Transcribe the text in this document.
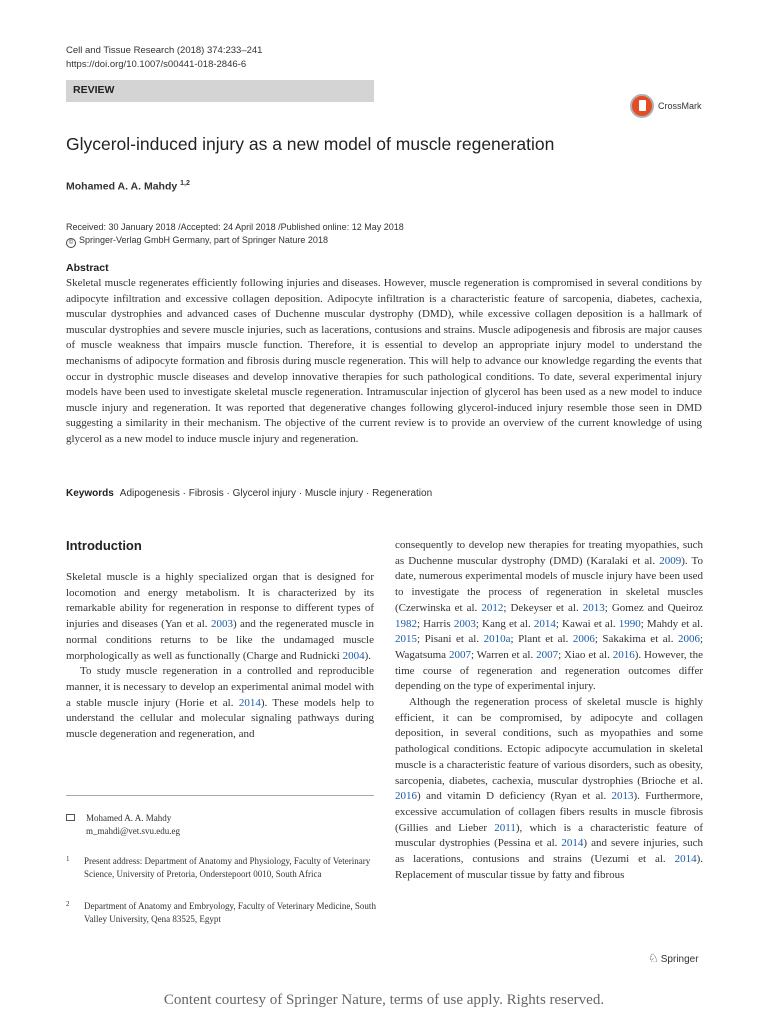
Cell and Tissue Research (2018) 374:233–241
https://doi.org/10.1007/s00441-018-2846-6
REVIEW
CrossMark
Glycerol-induced injury as a new model of muscle regeneration
Mohamed A. A. Mahdy $^{1,2}$
Received: 30 January 2018 /Accepted: 24 April 2018 /Published online: 12 May 2018
© Springer-Verlag GmbH Germany, part of Springer Nature 2018
Abstract
Skeletal muscle regenerates efficiently following injuries and diseases. However, muscle regeneration is compromised in several conditions by adipocyte infiltration and excessive collagen deposition. Adipocyte infiltration is a characteristic feature of sarcopenia, diabetes, cachexia, muscular dystrophies and advanced cases of Duchenne muscular dystrophy (DMD), while excessive collagen deposition is a hallmark of muscular dystrophies and severe muscle injuries, such as lacerations, contusions and strains. Muscle adipogenesis and fibrosis are major causes of muscle weakness that impairs muscle function. Therefore, it is essential to develop an appropriate injury model to understand the mechanisms of adipocyte formation and fibrosis during muscle regeneration. This will help to advance our knowledge regarding the events that occur in dystrophic muscle diseases and develop innovative therapies for such pathological conditions. To date, several experimental injury models have been used to investigate skeletal muscle regeneration. Intramuscular injection of glycerol has been used as a new model to induce muscle injury and regeneration. It was reported that degenerative changes following glycerol-induced injury resemble those seen in DMD suggesting a similarity in their mechanism. The objective of the current review is to provide an overview of the current knowledge of using glycerol as a new model to induce muscle injury and regeneration.
Keywords Adipogenesis · Fibrosis · Glycerol injury · Muscle injury · Regeneration
Introduction

Skeletal muscle is a highly specialized organ that is designed for locomotion and energy metabolism. It is characterized by its remarkable ability for regeneration in response to different types of injuries and diseases (Yan et al. 2003) and the regenerated muscle in normal conditions returns to be like the undamaged muscle morphologically as well as functionally (Charge and Rudnicki 2004).

To study muscle regeneration in a controlled and reproducible manner, it is necessary to develop an experimental animal model with a stable muscle injury (Horie et al. 2014). These models help to understand the cellular and molecular signaling pathways during muscle degeneration and regeneration, and

consequently to develop new therapies for treating myopathies, such as Duchenne muscular dystrophy (DMD) (Karalaki et al. 2009). To date, numerous experimental models of muscle injury have been used to investigate the process of regeneration in skeletal muscles (Czerwinska et al. 2012; Dekeyser et al. 2013; Gomez and Queiroz 1982; Harris 2003; Kang et al. 2014; Kawai et al. 1990; Mahdy et al. 2015; Pisani et al. 2010a; Plant et al. 2006; Sakakima et al. 2006; Wagatsuma 2007; Warren et al. 2007; Xiao et al. 2016). However, the time course of regeneration and regeneration outcomes differ depending on the type of experimental injury.

Although the regeneration process of skeletal muscle is highly efficient, it can be compromised, by adipocyte and collagen deposition, in several conditions, such as myopathies and some pathological conditions. Ectopic adipocyte accumulation in skeletal muscle is a characteristic feature of various disorders, such as obesity, sarcopenia, diabetes, cachexia, muscular dystrophies (Brioche et al. 2016) and vitamin D deficiency (Ryan et al. 2013). Furthermore, excessive accumulation of collagen fibers results in muscle fibrosis (Gillies and Lieber 2011), which is a characteristic feature of muscular dystrophies (Pessina et al. 2014) and severe injuries, such as lacerations, contusions and strains (Uezumi et al. 2014). Replacement of muscular tissue by fatty and fibrous

Mohamed A. A. Mahdy
m_mahdi@vet.svu.edu.eg
1 Present address: Department of Anatomy and Physiology, Faculty of Veterinary Science, University of Pretoria, Onderstepoort 0010, South Africa
2 Department of Anatomy and Embryology, Faculty of Veterinary Medicine, South Valley University, Qena 83525, Egypt
♘ Springer
Content courtesy of Springer Nature, terms of use apply. Rights reserved.
